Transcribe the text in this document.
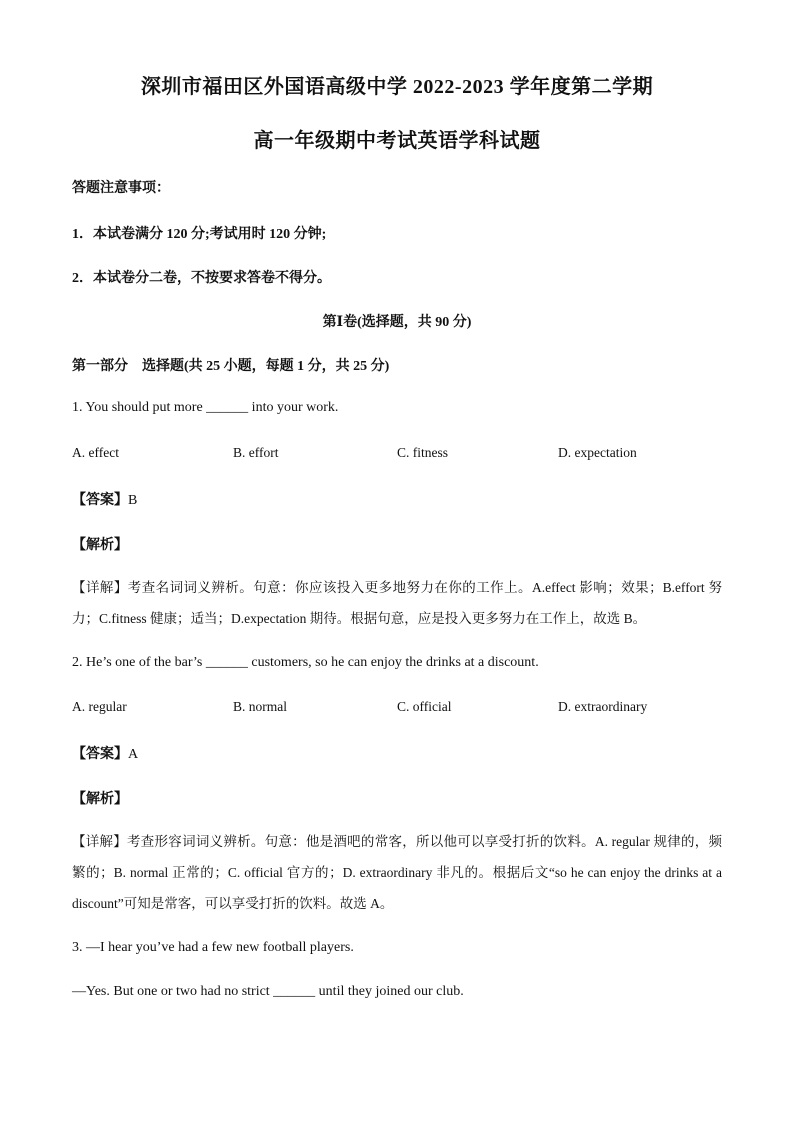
深圳市福田区外国语高级中学 2022-2023 学年度第二学期
高一年级期中考试英语学科试题
答题注意事项：
1．本试卷满分 120 分;考试用时 120 分钟;
2．本试卷分二卷，不按要求答卷不得分。
第Ⅰ卷(选择题，共 90 分)
第一部分　选择题(共 25 小题，每题 1 分，共 25 分)
1. You should put more ______ into your work.
A. effect	B. effort	C. fitness	D. expectation
【答案】B
【解析】
【详解】考查名词词义辨析。句意：你应该投入更多地努力在你的工作上。A.effect 影响；效果；B.effort 努力；C.fitness 健康；适当；D.expectation 期待。根据句意，应是投入更多努力在工作上，故选 B。
2. He’s one of the bar’s ______ customers, so he can enjoy the drinks at a discount.
A. regular	B. normal	C. official	D. extraordinary
【答案】A
【解析】
【详解】考查形容词词义辨析。句意：他是酒吧的常客，所以他可以享受打折的饮料。A. regular 规律的，频繁的；B. normal 正常的；C. official 官方的；D. extraordinary 非凡的。根据后文“so he can enjoy the drinks at a discount”可知是常客，可以享受打折的饮料。故选 A。
3. —I hear you’ve had a few new football players.
—Yes. But one or two had no strict ______ until they joined our club.
